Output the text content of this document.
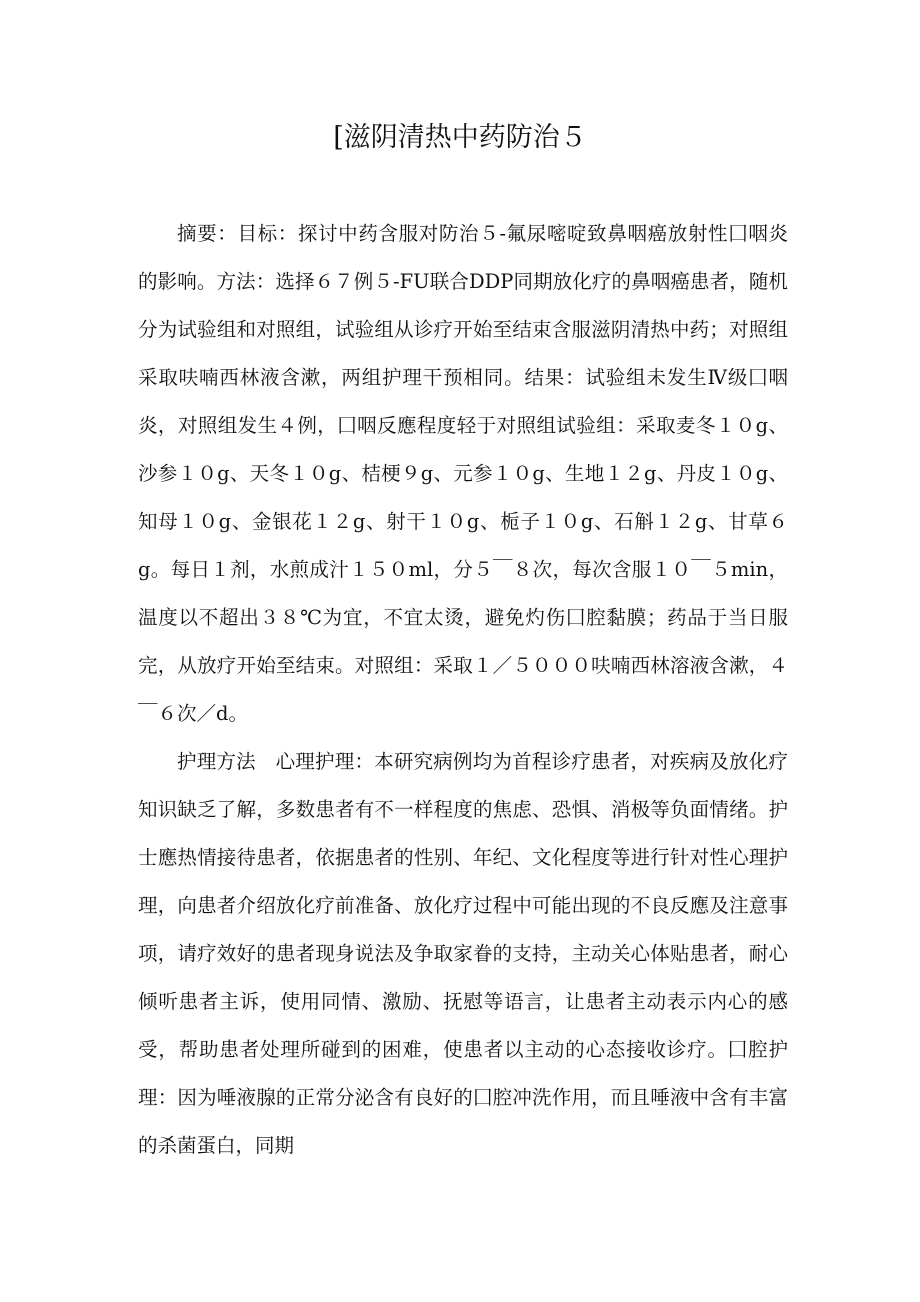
[滋阴清热中药防治５

摘要：目标：探讨中药含服对防治５-氟尿嘧啶致鼻咽癌放射性囗咽炎的影响。方法：选择６７例５-FU联合DDP同期放化疗的鼻咽癌患者，随机分为试验组和对照组，试验组从诊疗开始至结束含服滋阴清热中药；对照组采取呋喃西林液含漱，两组护理干预相同。结果：试验组未发生Ⅳ级囗咽炎，对照组发生４例，囗咽反應程度轻于对照组试验组：采取麦冬１０g、沙参１０g、天冬１０g、桔梗９g、元参１０g、生地１２g、丹皮１０g、知母１０g、金银花１２g、射干１０g、栀子１０g、石斛１２g、甘草６g。每日１剂，水煎成汁１５０ml，分５￣８次，每次含服１０￣５min，温度以不超出３８℃为宜，不宜太烫，避免灼伤囗腔黏膜；药品于当日服完，从放疗开始至结束。对照组：采取１／５０００呋喃西林溶液含漱，４￣６次／d。

护理方法　心理护理：本研究病例均为首程诊疗患者，对疾病及放化疗知识缺乏了解，多数患者有不一样程度的焦虑、恐惧、消极等负面情绪。护士應热情接待患者，依据患者的性别、年纪、文化程度等进行针对性心理护理，向患者介绍放化疗前准备、放化疗过程中可能出现的不良反應及注意事项，请疗效好的患者现身说法及争取家眷的支持，主动关心体贴患者，耐心倾听患者主诉，使用同情、激励、抚慰等语言，让患者主动表示内心的感受，帮助患者处理所碰到的困难，使患者以主动的心态接收诊疗。囗腔护理：因为唾液腺的正常分泌含有良好的囗腔冲洗作用，而且唾液中含有丰富的杀菌蛋白，同期
